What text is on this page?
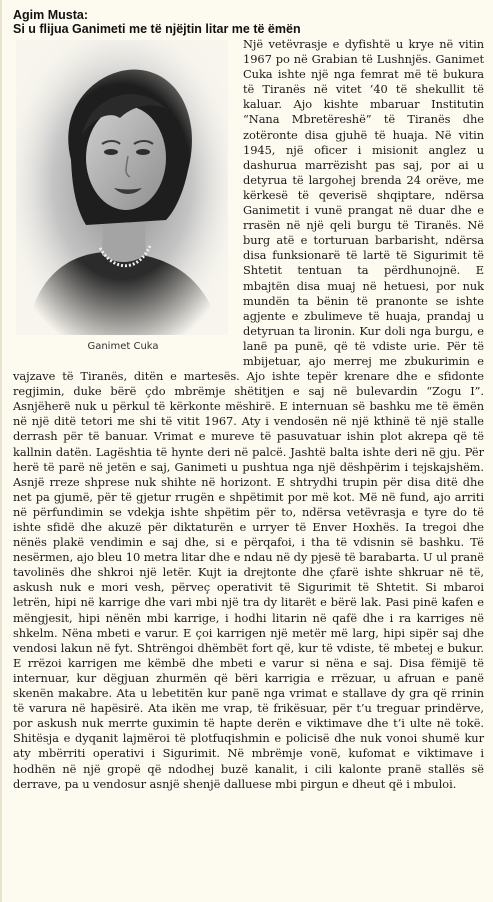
Agim Musta:
Si u flijua Ganimeti me të njëjtin litar me të ëmën
Ganimet Cuka

Një vetëvrasje e dyfishtë u kryе në vitin 1967 po në Grabian të Lushnjës. Ganimet Cuka ishte një nga femrat më të bukura të Tiranës në vitet ’40 të shekullit të kaluar. Ajo kishte mbaruar Institutin “Nana Mbretëreshë” të Tiranës dhe zotëronte disa gjuhë të huaja. Në vitin 1945, një oficer i misionit anglez u dashurua marrëzisht pas saj, por ai u detyrua të largohej brenda 24 orëve, me kërkesë të qeverisë shqiptare, ndërsa Ganimetit i vunë prangat në duar dhe e rrasën në një qeli burgu të Tiranës. Në burg atë e torturuan barbarisht, ndërsa disa funksionarë të lartë të Sigurimit të Shtetit tentuan ta përdhunojnë. E mbajtën disa muaj në hetuesi, por nuk mundën ta bënin të pranonte se ishte agjente e zbulimeve të huaja, prandaj u detyruan ta lironin. Kur doli nga burgu, e lanë pa punë, që të vdiste urie. Për të mbijetuar, ajo merrej me zbukurimin e vajzave të Tiranës, ditën e martesës. Ajo ishte tepër krenare dhe e sfidonte regjimin, duke bërë çdo mbrëmje shëtitjen e saj në bulevardin “Zogu I”. Asnjëherë nuk u përkul të kërkonte mëshirë. E internuan së bashku me të ëmën në një ditë tetori me shi të vitit 1967. Aty i vendosën në një kthinë të një stalle derrash për të banuar. Vrimat e mureve të pasuvatuar ishin plot akrepa që të kallnin datën. Lagështia të hynte deri në palcë. Jashtë balta ishte deri në gju. Për herë të parë në jetën e saj, Ganimeti u pushtua nga një dëshpërim i tejskajshëm. Asnjë rreze shprese nuk shihte në horizont. E shtrydhi trupin për disa ditë dhe net pa gjumë, për të gjetur rrugën e shpëtimit por më kot. Më në fund, ajo arriti në përfundimin se vdekja ishte shpëtim për to, ndërsa vetëvrasja e tyre do të ishte sfidë dhe akuzë për diktaturën e urryer të Enver Hoxhës. Ia tregoi dhe nënës plakë vendimin e saj dhe, si e përqafoi, i tha të vdisnin së bashku. Të nesërmen, ajo bleu 10 metra litar dhe e ndau në dy pjesë të barabarta. U ul pranë tavolinës dhe shkroi një letër. Kujt ia drejtonte dhe çfarë ishte shkruar në të, askush nuk e mori vesh, përveç operativit të Sigurimit të Shtetit. Si mbaroi letrën, hipi në karrige dhe vari mbi një tra dy litarët e bërë lak. Pasi pinë kafen e mëngjesit, hipi nënën mbi karrige, i hodhi litarin në qafë dhe i ra karriges në shkelm. Nëna mbeti e varur. E çoi karrigen një metër më larg, hipi sipër saj dhe vendosi lakun në fyt. Shtrëngoi dhëmbët fort që, kur të vdiste, të mbetej e bukur. E rrëzoi karrigen me këmbë dhe mbeti e varur si nëna e saj. Disa fëmijë të internuar, kur dëgjuan zhurmën që bëri karrigia e rrëzuar, u afruan e panë skenën makabre. Ata u lebetitën kur panë nga vrimat e stallave dy gra që rrinin të varura në hapësirë. Ata ikën me vrap, të frikësuar, për t’u treguar prindërve, por askush nuk merrte guximin të hapte derën e viktimave dhe t’i ulte në tokë. Shitësja e dyqanit lajmëroi të plotfuqishmin e policisë dhe nuk vonoi shumë kur aty mbërriti operativi i Sigurimit. Në mbrëmje vonë, kufomat e viktimave i hodhën në një gropë që ndodhej buzë kanalit, i cili kalonte pranë stallës së derrave, pa u vendosur asnjë shenjë dalluese mbi pirgun e dheut që i mbuloi.
